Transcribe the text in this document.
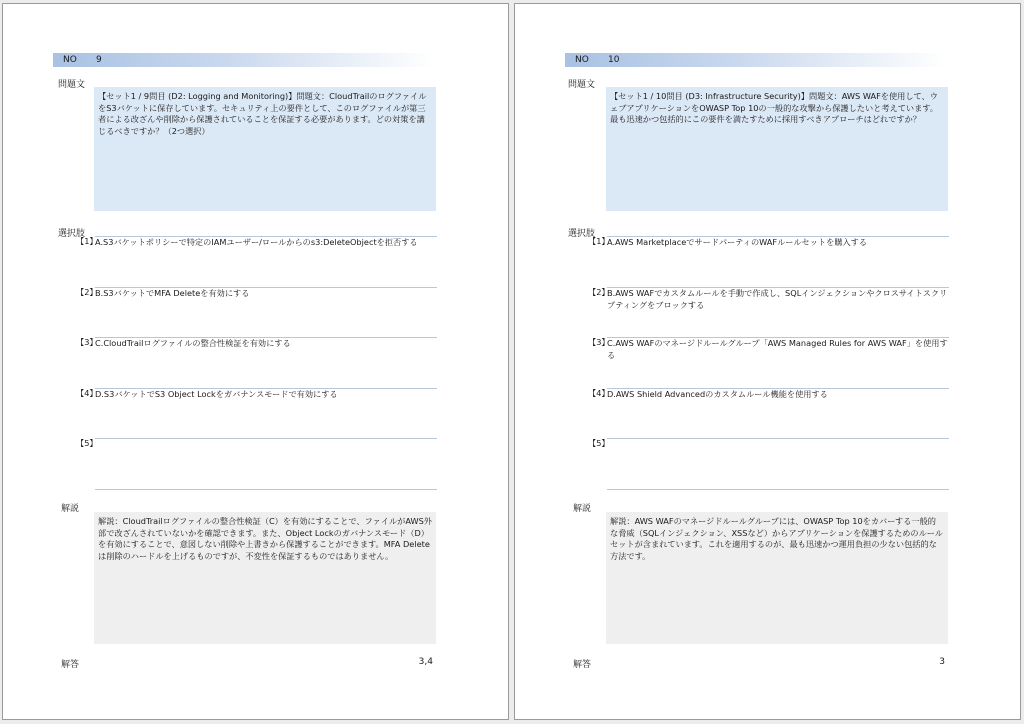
NO 9
問題文
【セット1 / 9問目 (D2: Logging and Monitoring)】問題文：CloudTrailのログファイルをS3バケットに保存しています。セキュリティ上の要件として、このログファイルが第三者による改ざんや削除から保護されていることを保証する必要があります。どの対策を講じるべきですか？（2つ選択）
選択肢
【1】
A.S3バケットポリシーで特定のIAMユーザー/ロールからのs3:DeleteObjectを拒否する
【2】
B.S3バケットでMFA Deleteを有効にする
【3】
C.CloudTrailログファイルの整合性検証を有効にする
【4】
D.S3バケットでS3 Object Lockをガバナンスモードで有効にする
【5】
解説
解説：CloudTrailログファイルの整合性検証（C）を有効にすることで、ファイルがAWS外部で改ざんされていないかを確認できます。また、Object Lockのガバナンスモード（D）を有効にすることで、意図しない削除や上書きから保護することができます。MFA Deleteは削除のハードルを上げるものですが、不変性を保証するものではありません。
解答	3,4
NO 10
問題文
【セット1 / 10問目 (D3: Infrastructure Security)】問題文：AWS WAFを使用して、ウェブアプリケーションをOWASP Top 10の一般的な攻撃から保護したいと考えています。最も迅速かつ包括的にこの要件を満たすために採用すべきアプローチはどれですか？
選択肢
【1】
A.AWS MarketplaceでサードパーティのWAFルールセットを購入する
【2】
B.AWS WAFでカスタムルールを手動で作成し、SQLインジェクションやクロスサイトスクリプティングをブロックする
【3】
C.AWS WAFのマネージドルールグループ「AWS Managed Rules for AWS WAF」を使用する
【4】
D.AWS Shield Advancedのカスタムルール機能を使用する
【5】
解説
解説：AWS WAFのマネージドルールグループには、OWASP Top 10をカバーする一般的な脅威（SQLインジェクション、XSSなど）からアプリケーションを保護するためのルールセットが含まれています。これを適用するのが、最も迅速かつ運用負担の少ない包括的な方法です。
解答	3
